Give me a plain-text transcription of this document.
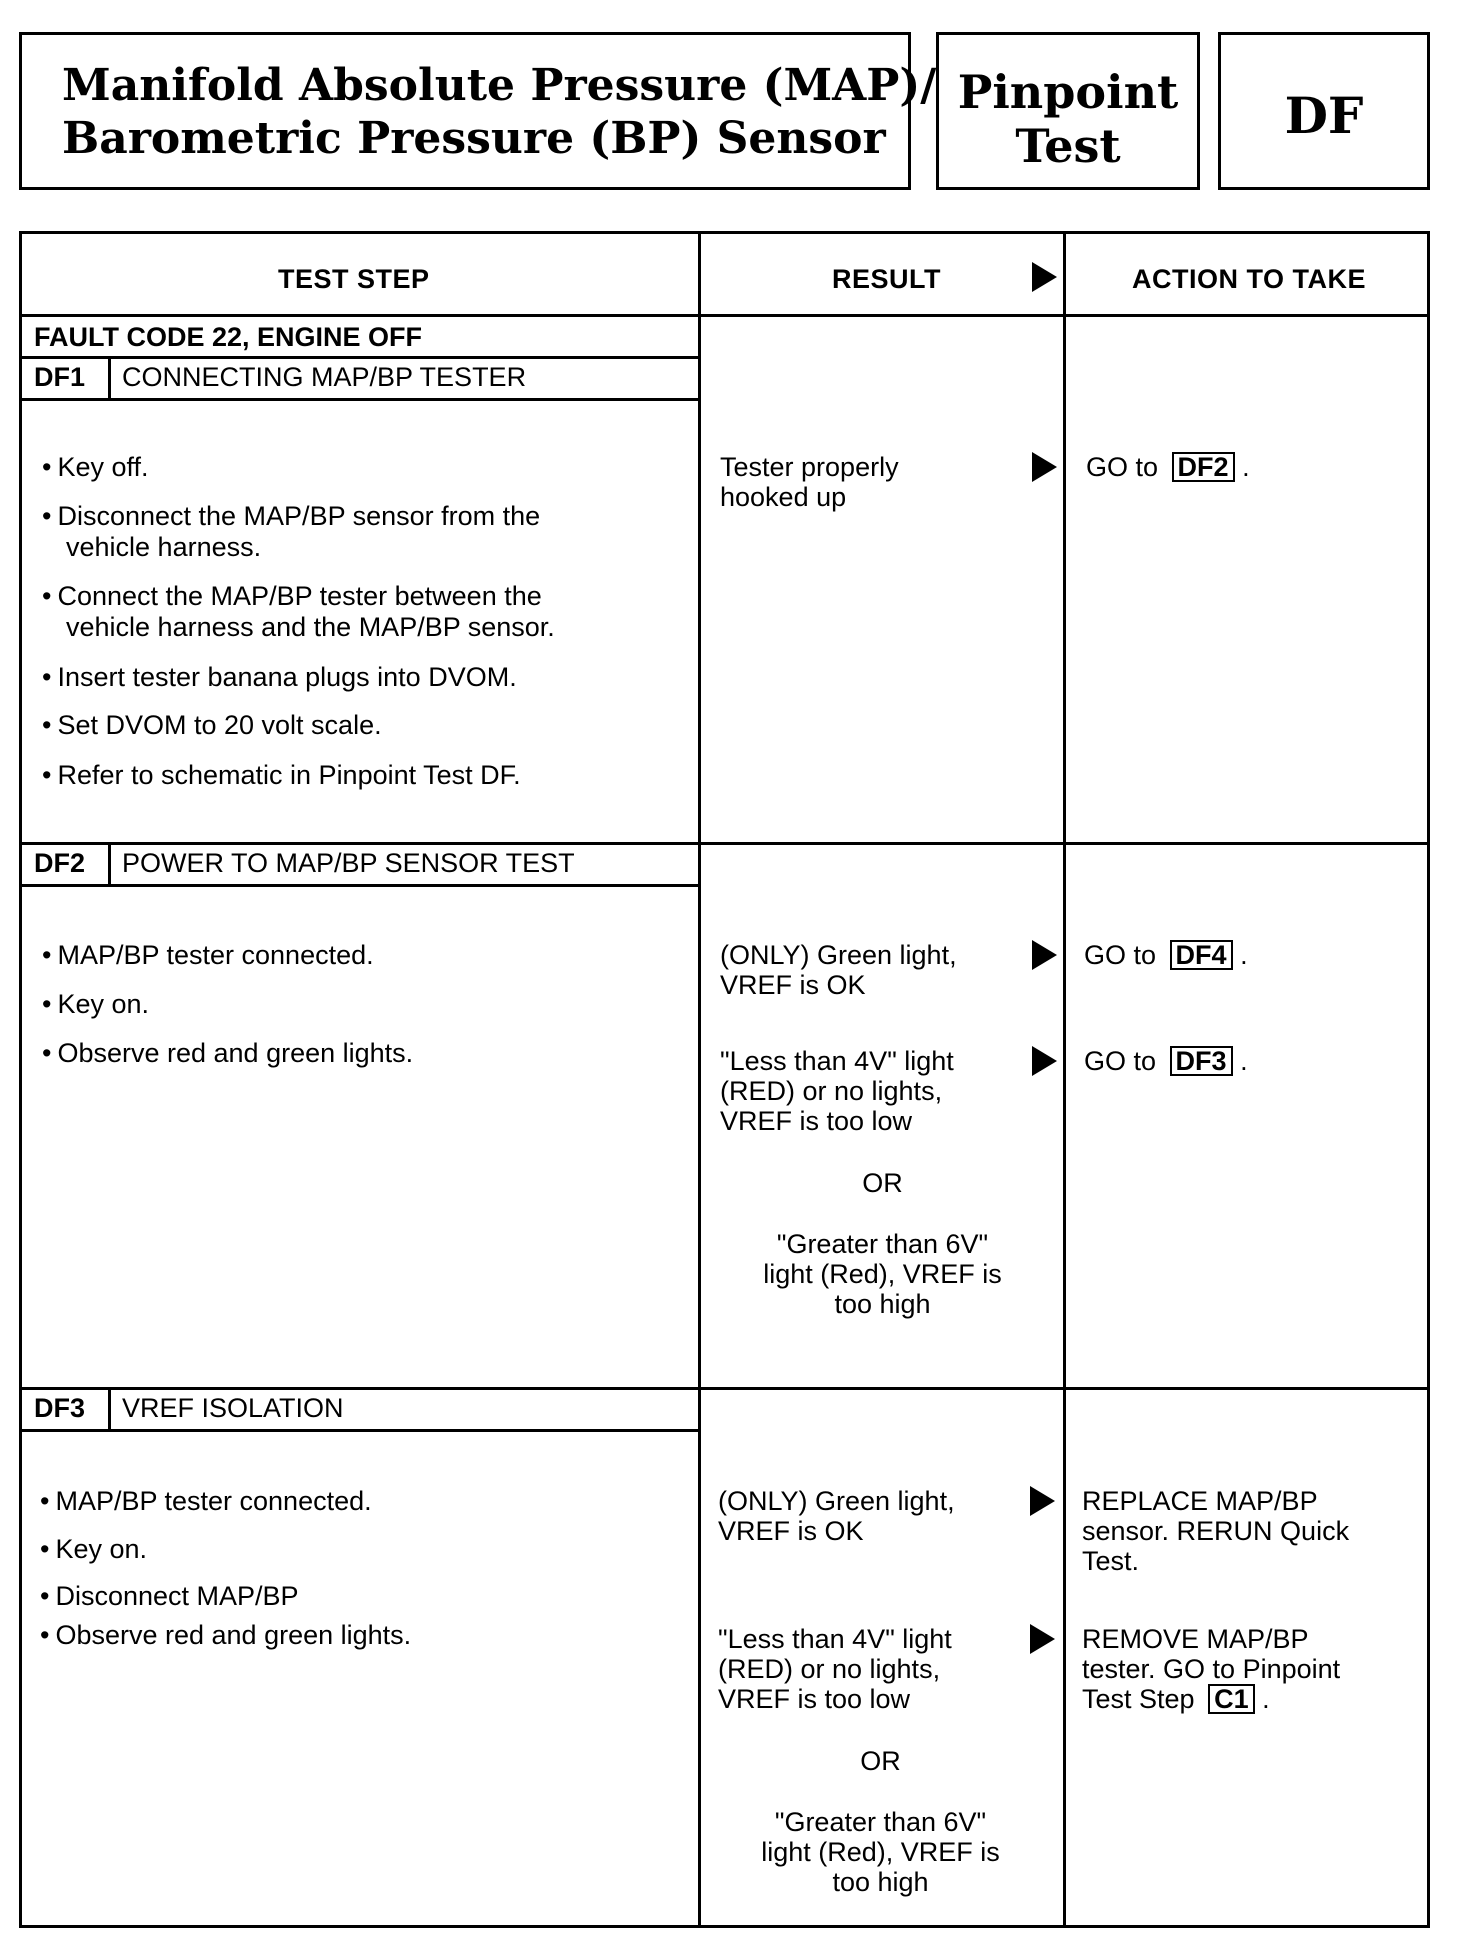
Manifold Absolute Pressure (MAP)/
Barometric Pressure (BP) Sensor
Pinpoint
Test
DF
TEST STEP	RESULT	ACTION TO TAKE
FAULT CODE 22, ENGINE OFF
DF1 CONNECTING MAP/BP TESTER
• Key off.
• Disconnect the MAP/BP sensor from the
vehicle harness.
• Connect the MAP/BP tester between the
vehicle harness and the MAP/BP sensor.
• Insert tester banana plugs into DVOM.
• Set DVOM to 20 volt scale.
• Refer to schematic in Pinpoint Test DF.
Tester properly
hooked up
GO to DF2 .
DF2 POWER TO MAP/BP SENSOR TEST
• MAP/BP tester connected.
• Key on.
• Observe red and green lights.
(ONLY) Green light,
VREF is OK
GO to DF4 .
"Less than 4V" light
(RED) or no lights,
VREF is too low
GO to DF3 .
OR
"Greater than 6V"
light (Red), VREF is
too high
DF3 VREF ISOLATION
• MAP/BP tester connected.
• Key on.
• Disconnect MAP/BP
• Observe red and green lights.
(ONLY) Green light,
VREF is OK
REPLACE MAP/BP
sensor. RERUN Quick
Test.
"Less than 4V" light
(RED) or no lights,
VREF is too low
REMOVE MAP/BP
tester. GO to Pinpoint
Test Step C1 .
OR
"Greater than 6V"
light (Red), VREF is
too high
